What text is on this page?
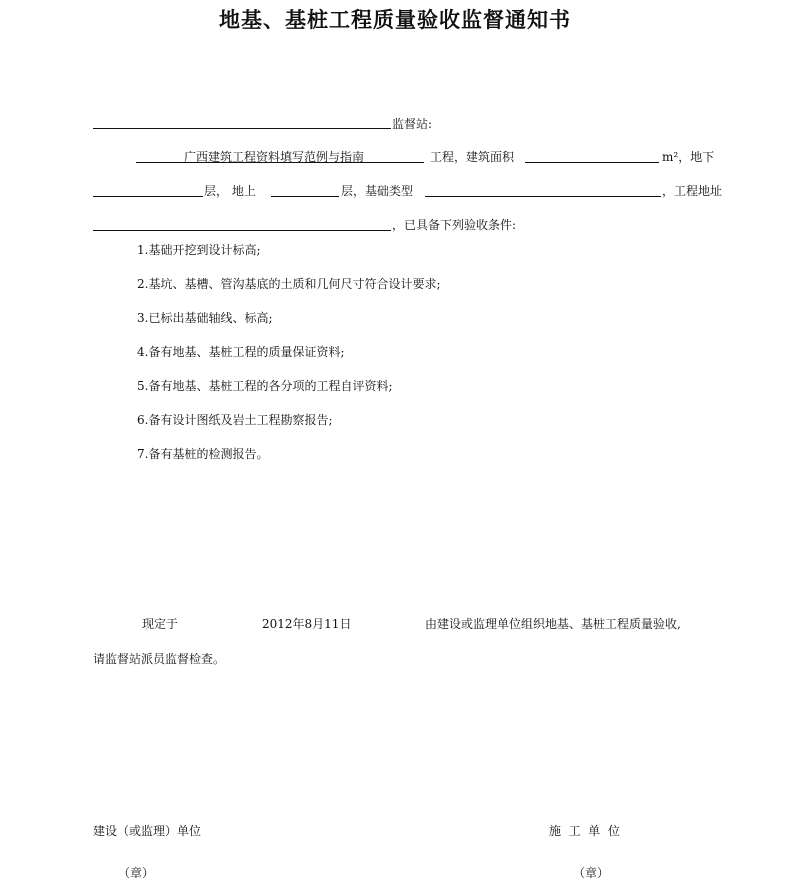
地基、基桩工程质量验收监督通知书
监督站:
广西建筑工程资料填写范例与指南	工程，建筑面积	m²，地下
层， 地上	层，基础类型	，工程地址
，已具备下列验收条件:
1.基础开挖到设计标高;
2.基坑、基槽、管沟基底的土质和几何尺寸符合设计要求;
3.已标出基础轴线、标高;
4.备有地基、基桩工程的质量保证资料;
5.备有地基、基桩工程的各分项的工程自评资料;
6.备有设计图纸及岩土工程勘察报告;
7.备有基桩的检测报告。
现定于	2012年8月11日	由建设或监理单位组织地基、基桩工程质量验收,
请监督站派员监督检查。
建设（或监理）单位
（章）
施  工  单  位
（章）
